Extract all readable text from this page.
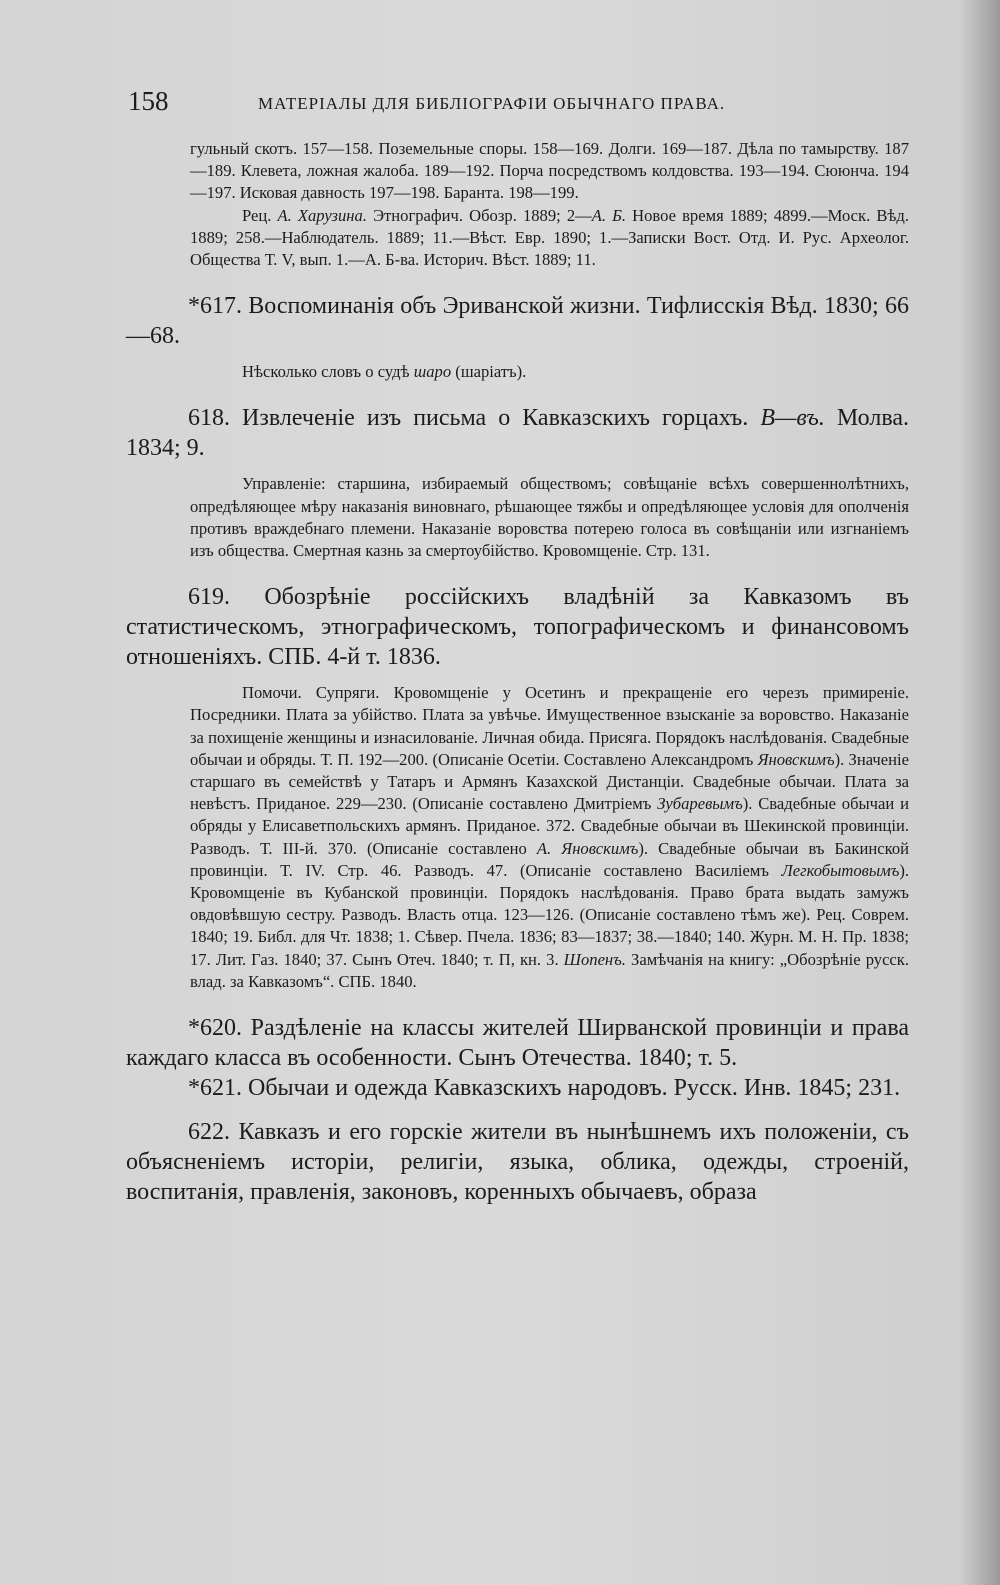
158	МАТЕРІАЛЫ ДЛЯ БИБЛІОГРАФІИ ОБЫЧНАГО ПРАВА.

гульный скотъ. 157—158. Поземельные споры. 158—169. Долги. 169—187. Дѣла по тамырству. 187—189. Клевета, ложная жалоба. 189—192. Порча посредствомъ колдовства. 193—194. Сююнча. 194—197. Исковая давность 197—198. Баранта. 198—199.

Рец. А. Харузина. Этнографич. Обозр. 1889; 2—А. Б. Новое время 1889; 4899.—Моск. Вѣд. 1889; 258.—Наблюдатель. 1889; 11.—Вѣст. Евр. 1890; 1.—Записки Вост. Отд. И. Рус. Археолог. Общества Т. V, вып. 1.—А. Б-ва. Историч. Вѣст. 1889; 11.

*617. Воспоминанія объ Эриванской жизни. Тифлисскія Вѣд. 1830; 66—68.

Нѣсколько словъ о судѣ шаро (шаріатъ).

618. Извлеченіе изъ письма о Кавказскихъ горцахъ. В—въ. Молва. 1834; 9.

Управленіе: старшина, избираемый обществомъ; совѣщаніе всѣхъ совершеннолѣтнихъ, опредѣляющее мѣру наказанія виновнаго, рѣшающее тяжбы и опредѣляющее условія для ополченія противъ враждебнаго племени. Наказаніе воровства потерею голоса въ совѣщаніи или изгнаніемъ изъ общества. Смертная казнь за смертоубійство. Кровомщеніе. Стр. 131.

619. Обозрѣніе россійскихъ владѣній за Кавказомъ въ статистическомъ, этнографическомъ, топографическомъ и финансовомъ отношеніяхъ. СПБ. 4-й т. 1836.

Помочи. Супряги. Кровомщеніе у Осетинъ и прекращеніе его черезъ примиреніе. Посредники. Плата за убійство. Плата за увѣчье. Имущественное взысканіе за воровство. Наказаніе за похищеніе женщины и изнасилованіе. Личная обида. Присяга. Порядокъ наслѣдованія. Свадебные обычаи и обряды. Т. П. 192—200. (Описаніе Осетіи. Составлено Александромъ Яновскимъ). Значеніе старшаго въ семействѣ у Татаръ и Армянъ Казахской Дистанціи. Свадебные обычаи. Плата за невѣстъ. Приданое. 229—230. (Описаніе составлено Дмитріемъ Зубаревымъ). Свадебные обычаи и обряды у Елисаветпольскихъ армянъ. Приданое. 372. Свадебные обычаи въ Шекинской провинціи. Разводъ. Т. III-й. 370. (Описаніе составлено А. Яновскимъ). Свадебные обычаи въ Бакинской провинціи. Т. IV. Стр. 46. Разводъ. 47. (Описаніе составлено Василіемъ Легкобытовымъ). Кровомщеніе въ Кубанской провинціи. Порядокъ наслѣдованія. Право брата выдать замужъ овдовѣвшую сестру. Разводъ. Власть отца. 123—126. (Описаніе составлено тѣмъ же). Рец. Соврем. 1840; 19. Библ. для Чт. 1838; 1. Сѣвер. Пчела. 1836; 83—1837; 38.—1840; 140. Журн. М. Н. Пр. 1838; 17. Лит. Газ. 1840; 37. Сынъ Отеч. 1840; т. П, кн. 3. Шопенъ. Замѣчанія на книгу: „Обозрѣніе русск. влад. за Кавказомъ“. СПБ. 1840.

*620. Раздѣленіе на классы жителей Ширванской провинціи и права каждаго класса въ особенности. Сынъ Отечества. 1840; т. 5.

*621. Обычаи и одежда Кавказскихъ народовъ. Русск. Инв. 1845; 231.

622. Кавказъ и его горскіе жители въ нынѣшнемъ ихъ положеніи, съ объясненіемъ исторіи, религіи, языка, облика, одежды, строеній, воспитанія, правленія, законовъ, коренныхъ обычаевъ, образа
